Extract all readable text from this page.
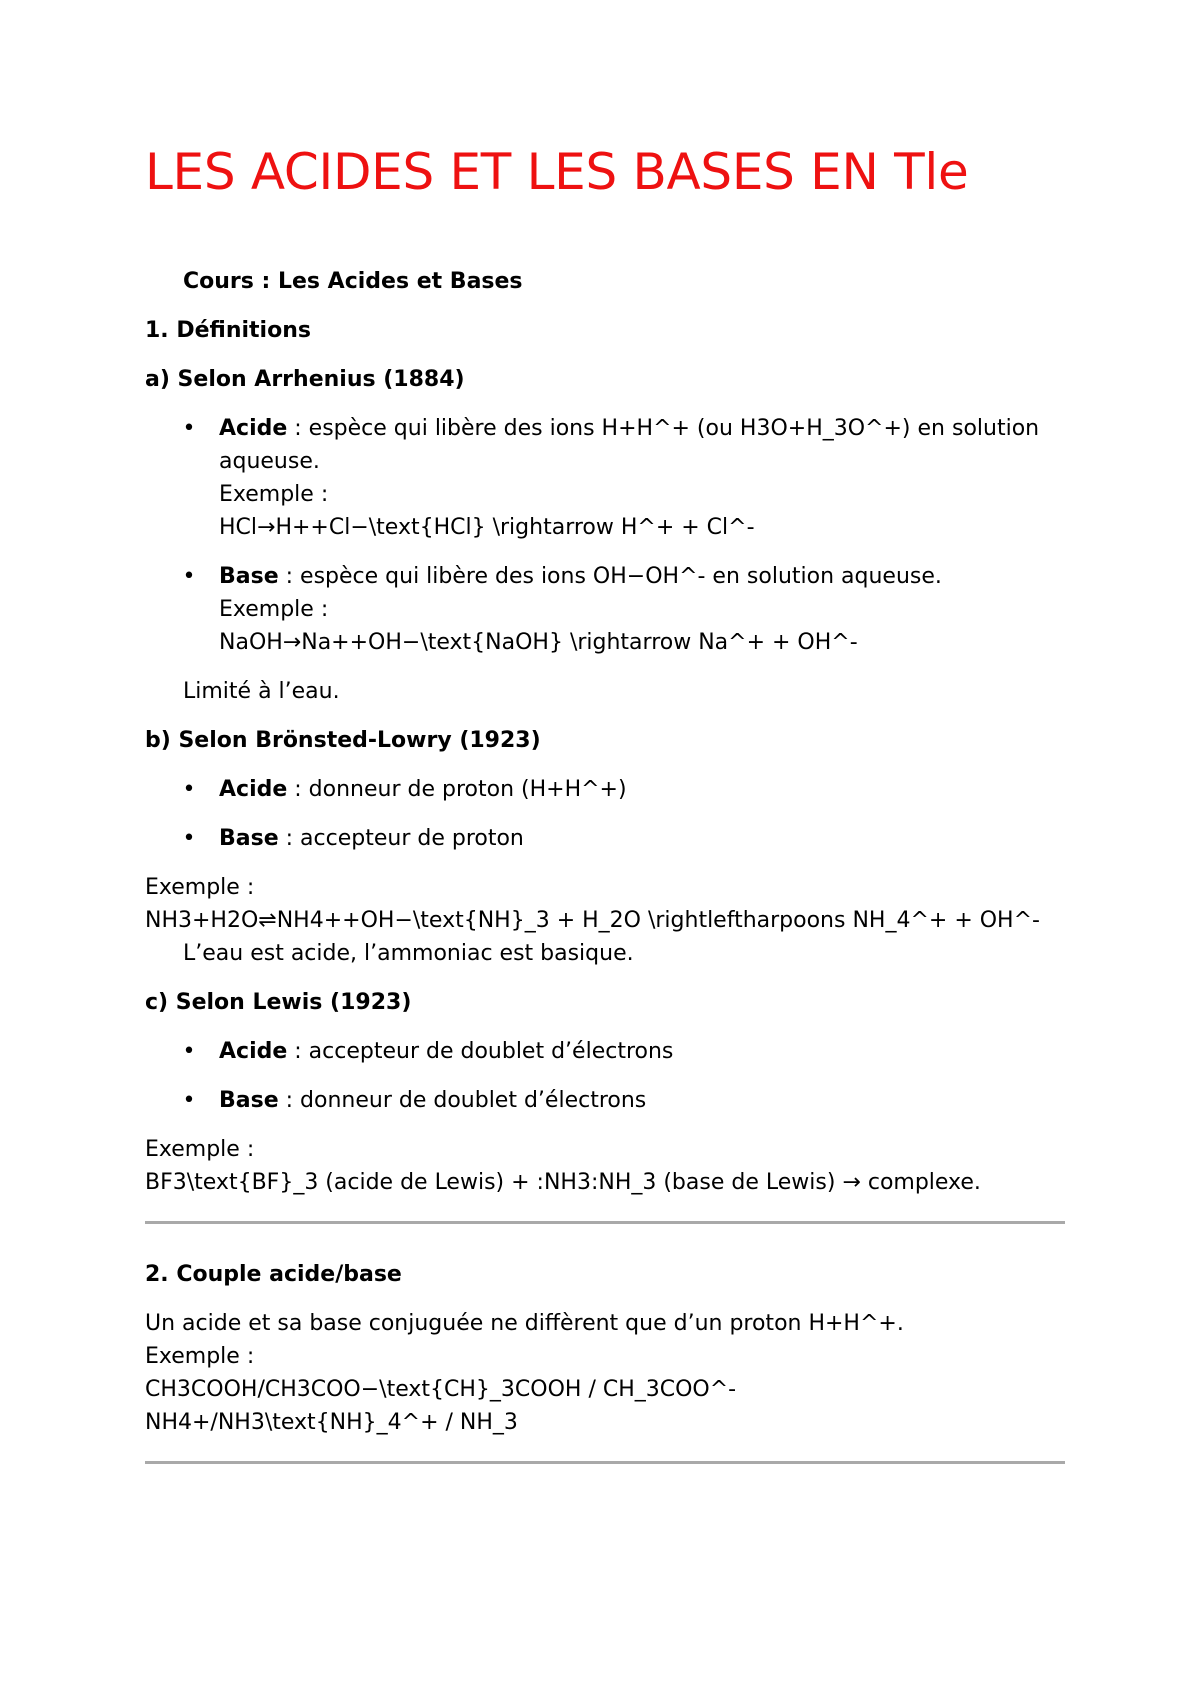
LES ACIDES ET LES BASES EN Tle

Cours : Les Acides et Bases

1. Définitions

a) Selon Arrhenius (1884)

• Acide : espèce qui libère des ions H+H^+ (ou H3O+H_3O^+) en solution aqueuse.
Exemple :
HCl→H++Cl−\text{HCl} \rightarrow H^+ + Cl^-
• Base : espèce qui libère des ions OH−OH^- en solution aqueuse.
Exemple :
NaOH→Na++OH−\text{NaOH} \rightarrow Na^+ + OH^-

Limité à l’eau.

b) Selon Brönsted-Lowry (1923)

• Acide : donneur de proton (H+H^+)
• Base : accepteur de proton

Exemple :
NH3+H2O⇌NH4++OH−\text{NH}_3 + H_2O \rightleftharpoons NH_4^+ + OH^-
L’eau est acide, l’ammoniac est basique.

c) Selon Lewis (1923)

• Acide : accepteur de doublet d’électrons
• Base : donneur de doublet d’électrons

Exemple :
BF3\text{BF}_3 (acide de Lewis) + :NH3:NH_3 (base de Lewis) → complexe.

2. Couple acide/base

Un acide et sa base conjuguée ne diffèrent que d’un proton H+H^+.
Exemple :
CH3COOH/CH3COO−\text{CH}_3COOH / CH_3COO^-
NH4+/NH3\text{NH}_4^+ / NH_3
